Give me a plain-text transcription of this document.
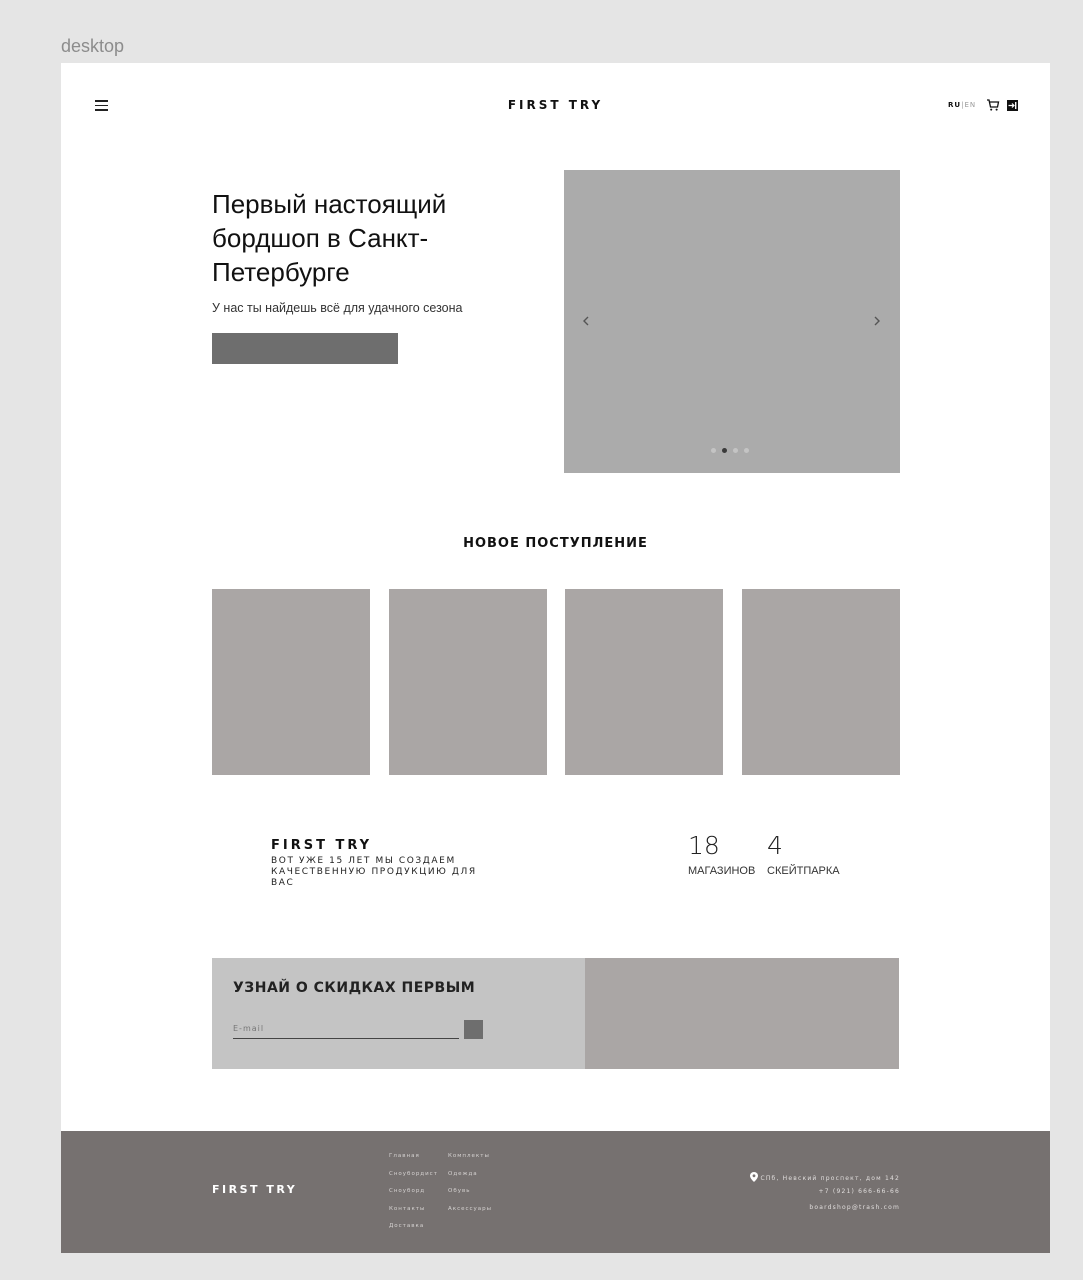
desktop
FIRST TRY	RU|EN
Первый настоящий бордшоп в Санкт-Петербурге
У нас ты найдешь всё для удачного сезона
НОВОЕ ПОСТУПЛЕНИЕ
FIRST TRY
ВОТ УЖЕ 15 ЛЕТ МЫ СОЗДАЕМ КАЧЕСТВЕННУЮ ПРОДУКЦИЮ ДЛЯ ВАС
18
МАГАЗИНОВ
4
СКЕЙТПАРКА
УЗНАЙ О СКИДКАХ ПЕРВЫМ
E-mail
FIRST TRY
Главная
Сноубордист
Сноуборд
Контакты
Доставка
Комплекты
Одежда
Обувь
Аксессуары
СПб, Невский проспект, дом 142
+7 (921) 666-66-66
boardshop@trash.com
